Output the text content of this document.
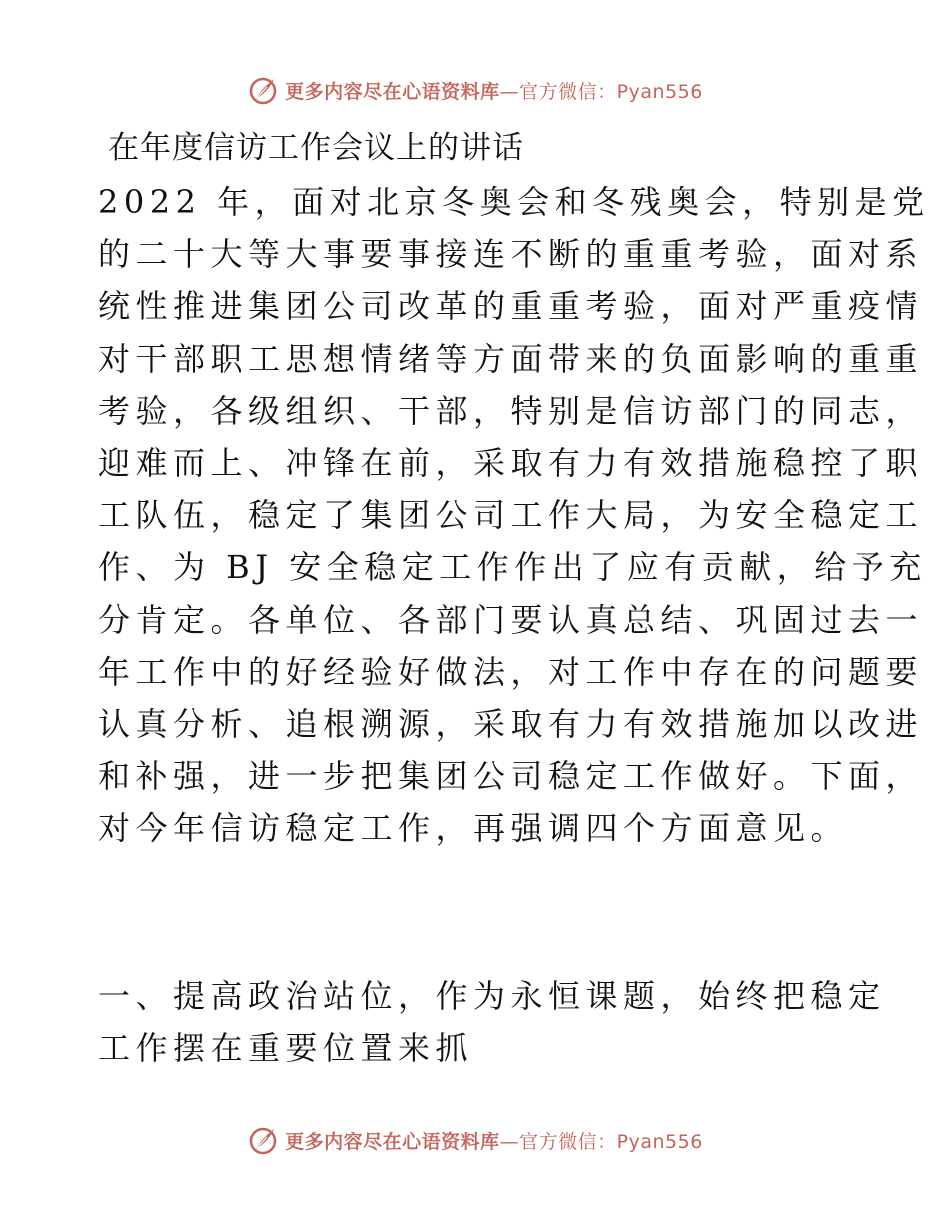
更多内容尽在心语资料库—官方微信：Pyan556
在年度信访工作会议上的讲话
2022 年，面对北京冬奥会和冬残奥会，特别是党
的二十大等大事要事接连不断的重重考验，面对系
统性推进集团公司改革的重重考验，面对严重疫情
对干部职工思想情绪等方面带来的负面影响的重重
考验，各级组织、干部，特别是信访部门的同志，
迎难而上、冲锋在前，采取有力有效措施稳控了职
工队伍，稳定了集团公司工作大局，为安全稳定工
作、为 BJ 安全稳定工作作出了应有贡献，给予充
分肯定。各单位、各部门要认真总结、巩固过去一
年工作中的好经验好做法，对工作中存在的问题要
认真分析、追根溯源，采取有力有效措施加以改进
和补强，进一步把集团公司稳定工作做好。下面，
对今年信访稳定工作，再强调四个方面意见。
一、提高政治站位，作为永恒课题，始终把稳定
工作摆在重要位置来抓
更多内容尽在心语资料库—官方微信：Pyan556
